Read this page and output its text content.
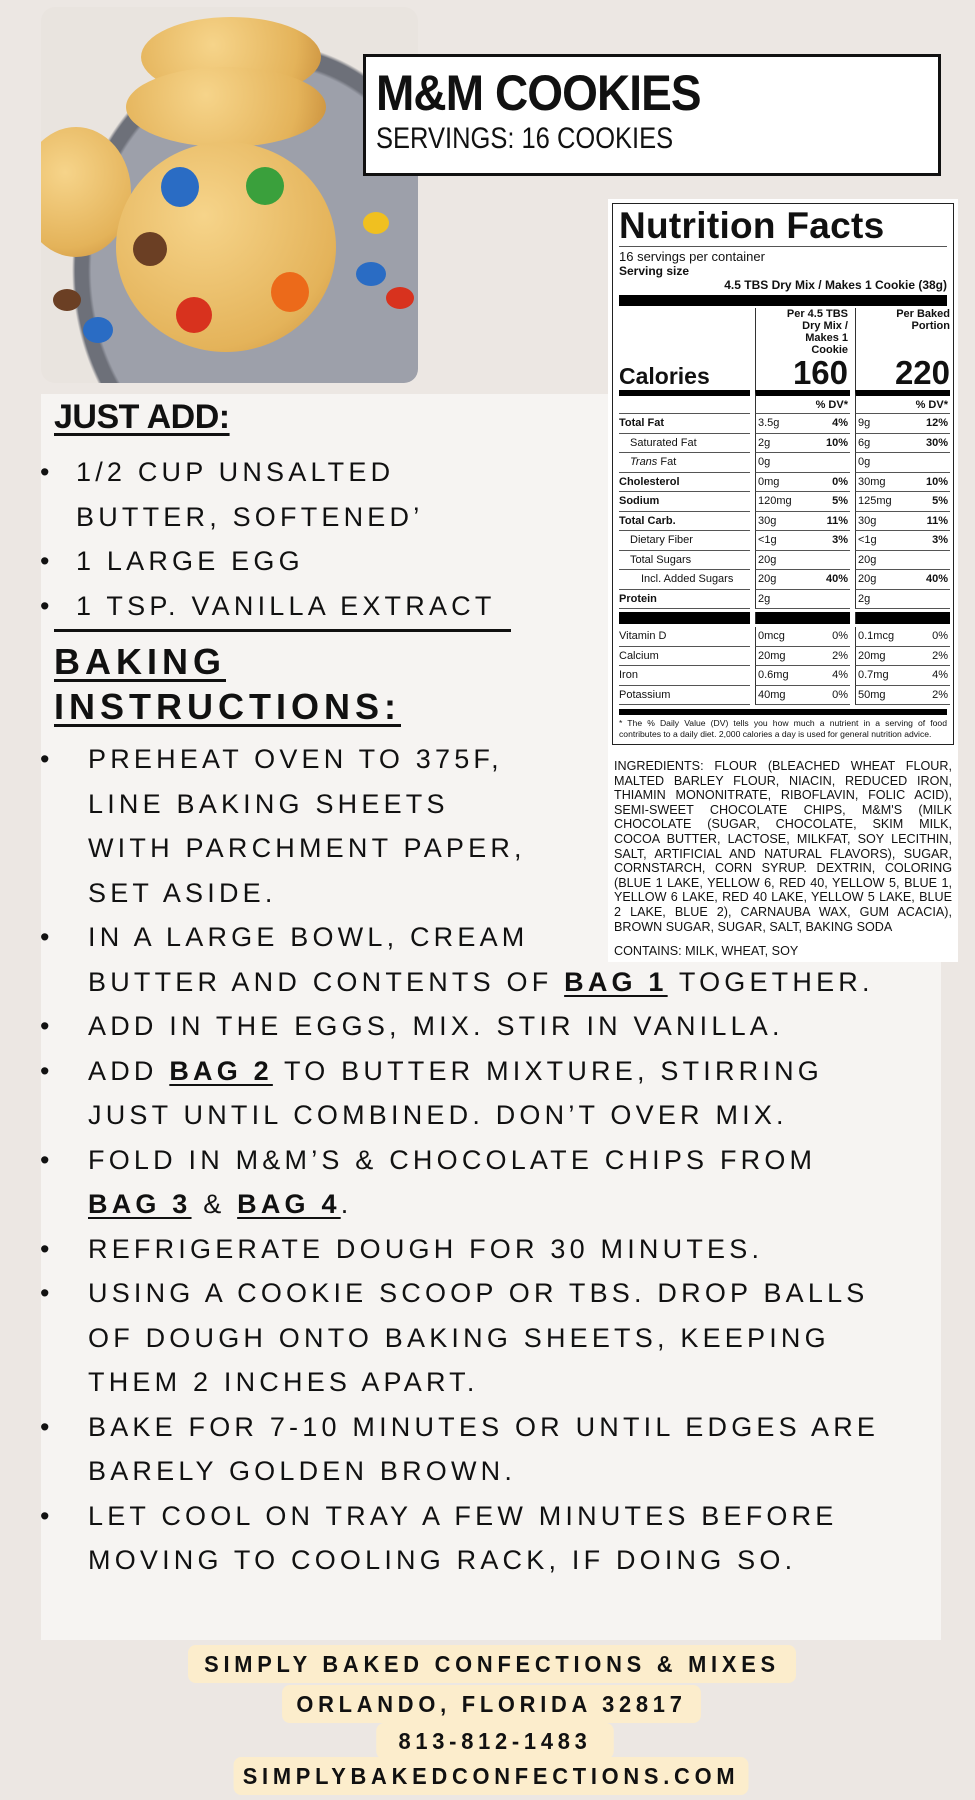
M&M COOKIES
SERVINGS: 16 COOKIES
JUST ADD:
• 1/2 CUP UNSALTED
BUTTER, SOFTENED’
• 1 LARGE EGG
• 1 TSP. VANILLA EXTRACT
BAKING
INSTRUCTIONS:
• PREHEAT OVEN TO 375F,
LINE BAKING SHEETS
WITH PARCHMENT PAPER,
SET ASIDE.
• IN A LARGE BOWL, CREAM
BUTTER AND CONTENTS OF BAG 1 TOGETHER.
• ADD IN THE EGGS, MIX. STIR IN VANILLA.
• ADD BAG 2 TO BUTTER MIXTURE, STIRRING
JUST UNTIL COMBINED. DON’T OVER MIX.
• FOLD IN M&M’S & CHOCOLATE CHIPS FROM
BAG 3 & BAG 4.
• REFRIGERATE DOUGH FOR 30 MINUTES.
• USING A COOKIE SCOOP OR TBS. DROP BALLS
OF DOUGH ONTO BAKING SHEETS, KEEPING
THEM 2 INCHES APART.
• BAKE FOR 7-10 MINUTES OR UNTIL EDGES ARE
BARELY GOLDEN BROWN.
• LET COOL ON TRAY A FEW MINUTES BEFORE
MOVING TO COOLING RACK, IF DOING SO.
Nutrition Facts
16 servings per container
Serving size
4.5 TBS Dry Mix / Makes 1 Cookie (38g)
Calories
Per 4.5 TBS Dry Mix / Makes 1 Cookie
160
Per Baked Portion
220
% DV*	% DV*
Total Fat	3.5g	4% 9g	12%
Saturated Fat	2g	10% 6g	30%
Trans Fat	0g	0g
Cholesterol	0mg	0% 30mg	10%
Sodium	120mg	5% 125mg	5%
Total Carb.	30g	11% 30g	11%
Dietary Fiber	<1g	3% <1g	3%
Total Sugars	20g	20g
Incl. Added Sugars 20g	40% 20g	40%
Protein	2g	2g
Vitamin D	0mcg	0% 0.1mcg	0%
Calcium	20mg	2% 20mg	2%
Iron	0.6mg	4% 0.7mg	4%
Potassium	40mg	0% 50mg	2%
* The % Daily Value (DV) tells you how much a nutrient in a serving of food contributes to a daily diet. 2,000 calories a day is used for general nutrition advice.
INGREDIENTS: FLOUR (BLEACHED WHEAT FLOUR, MALTED BARLEY FLOUR, NIACIN, REDUCED IRON, THIAMIN MONONITRATE, RIBOFLAVIN, FOLIC ACID), SEMI-SWEET CHOCOLATE CHIPS, M&M'S (MILK CHOCOLATE (SUGAR, CHOCOLATE, SKIM MILK, COCOA BUTTER, LACTOSE, MILKFAT, SOY LECITHIN, SALT, ARTIFICIAL AND NATURAL FLAVORS), SUGAR, CORNSTARCH, CORN SYRUP. DEXTRIN, COLORING (BLUE 1 LAKE, YELLOW 6, RED 40, YELLOW 5, BLUE 1, YELLOW 6 LAKE, RED 40 LAKE, YELLOW 5 LAKE, BLUE 2 LAKE, BLUE 2), CARNAUBA WAX, GUM ACACIA), BROWN SUGAR, SUGAR, SALT, BAKING SODA
CONTAINS: MILK, WHEAT, SOY
SIMPLY BAKED CONFECTIONS & MIXES
ORLANDO, FLORIDA 32817
813-812-1483
SIMPLYBAKEDCONFECTIONS.COM
